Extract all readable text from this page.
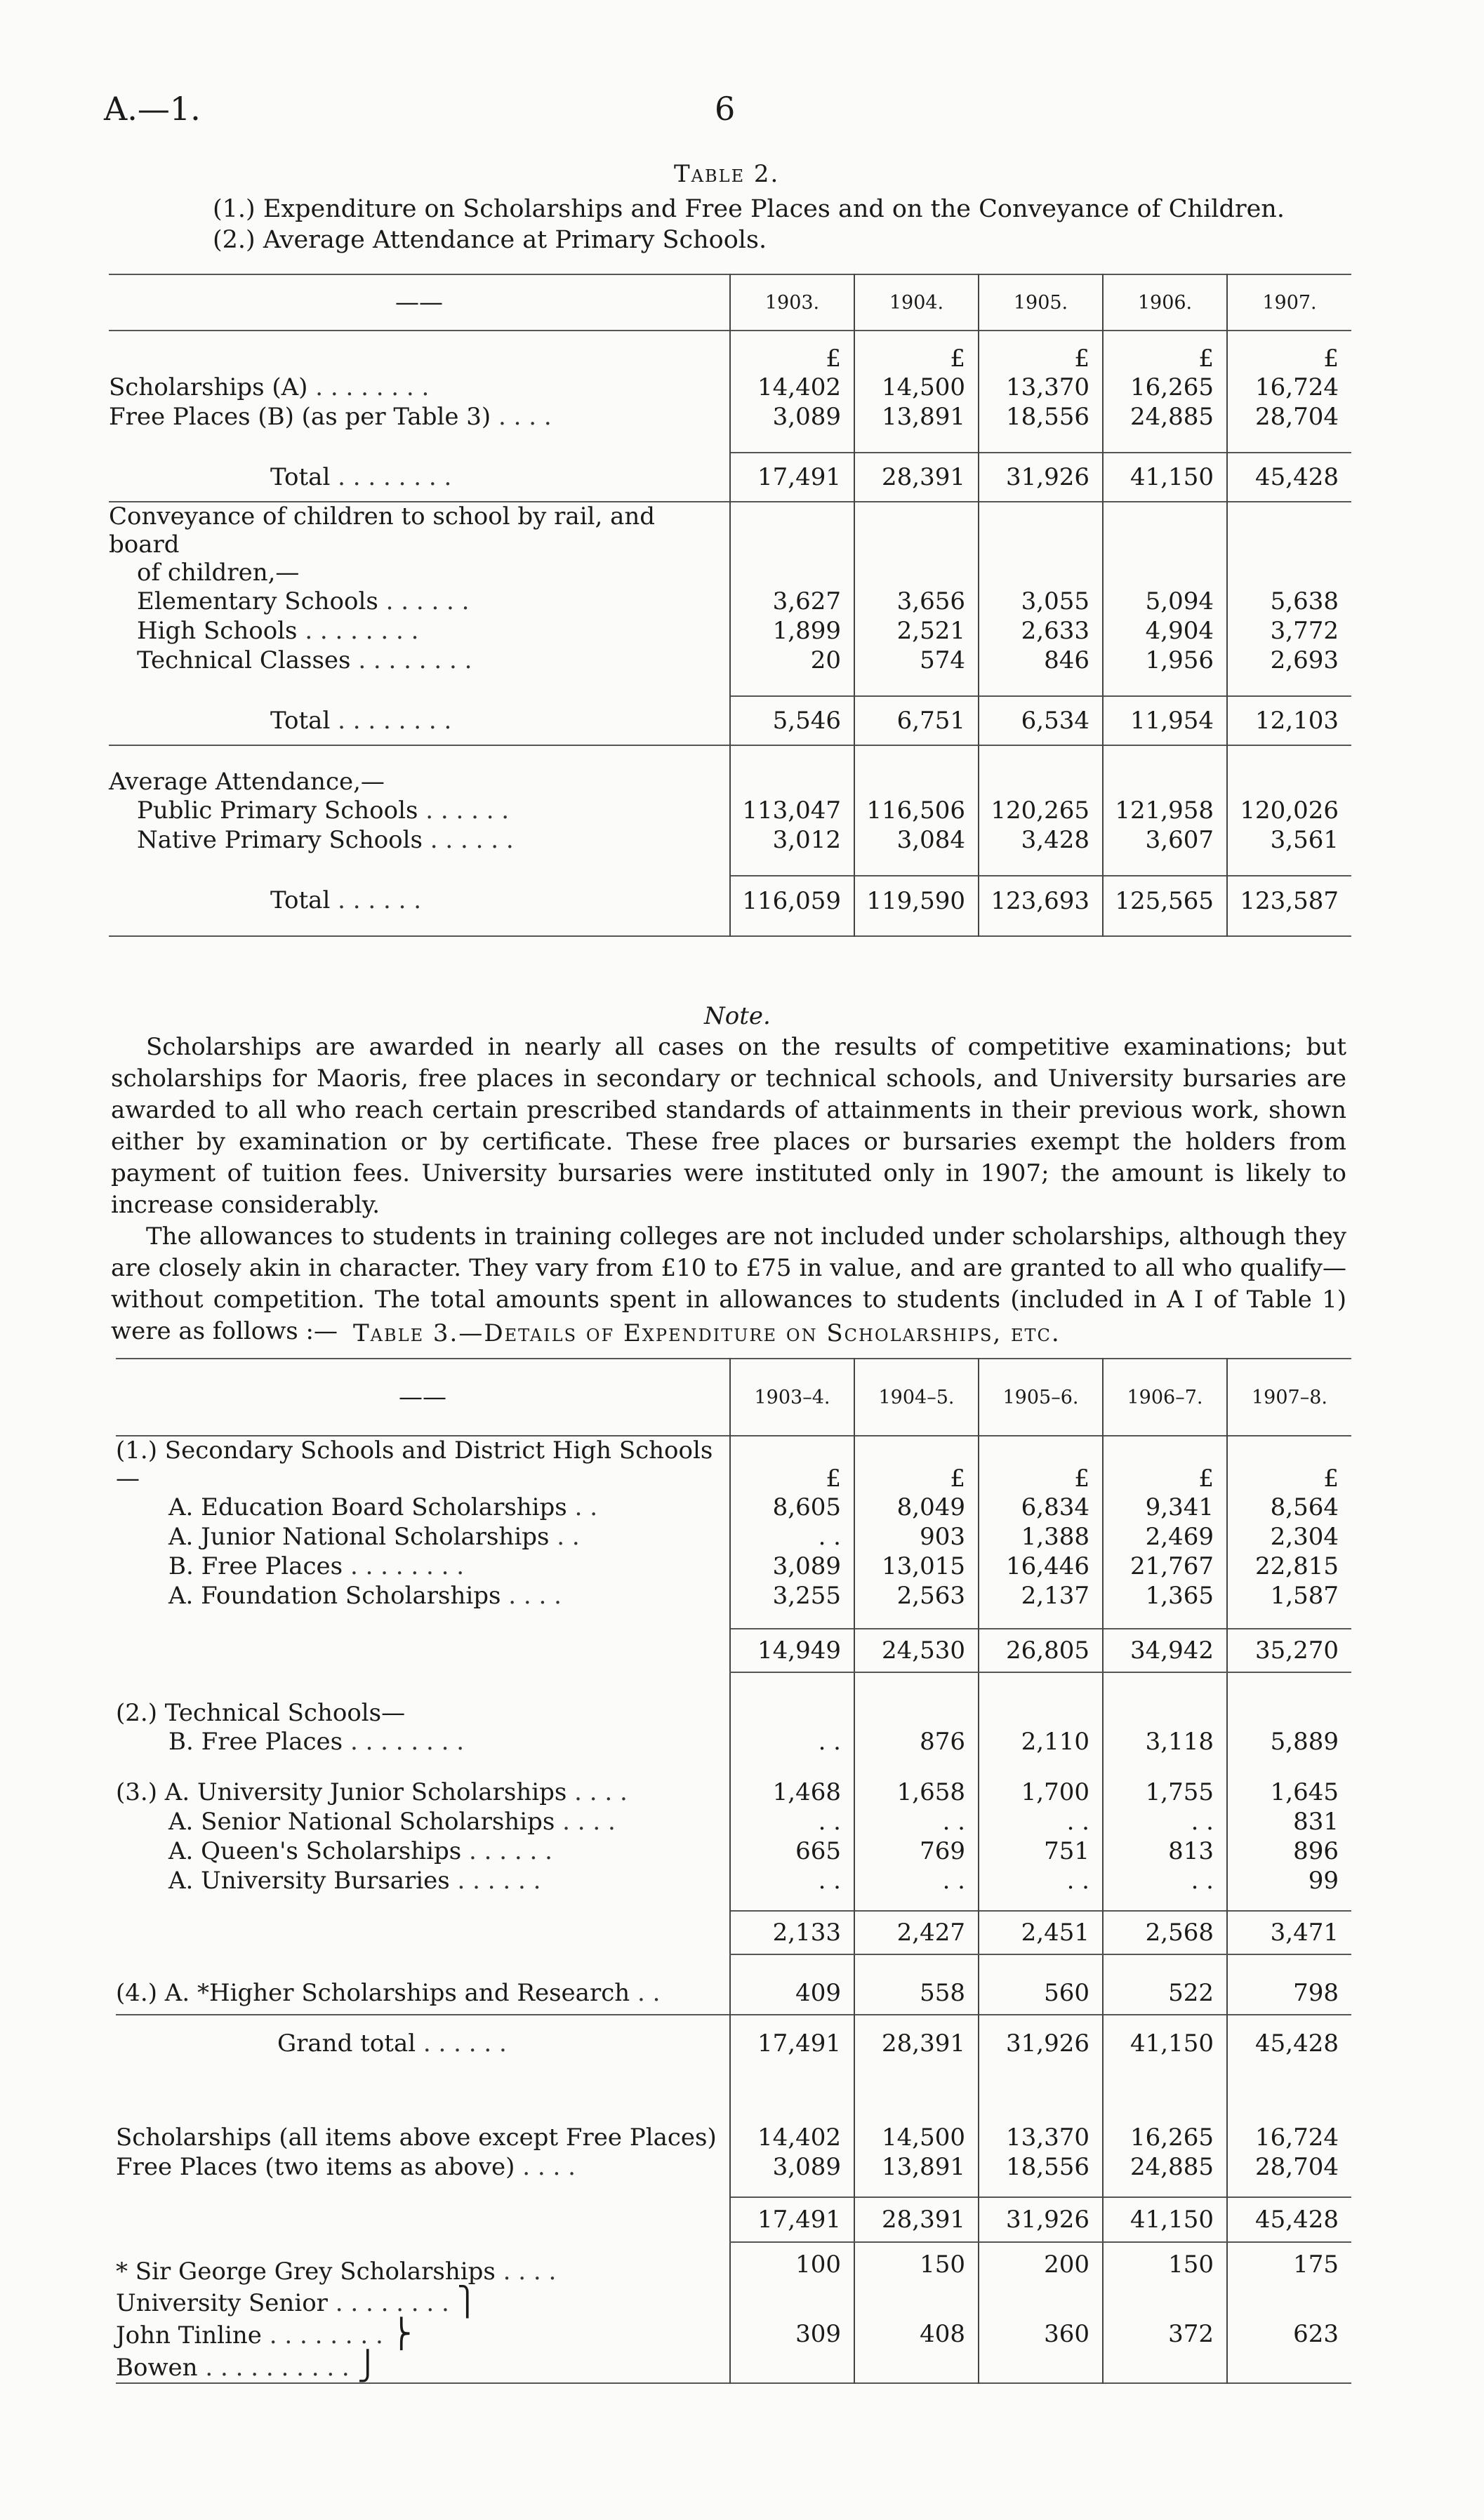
A.—1.	6
Table 2.
(1.) Expenditure on Scholarships and Free Places and on the Conveyance of Children.
(2.) Average Attendance at Primary Schools.
——	1903.	1904.	1905.	1906.	1907.
	£	£	£	£	£
Scholarships (A) . . . . . . . .	14,402	14,500	13,370	16,265	16,724
Free Places (B) (as per Table 3) . . . .	3,089	13,891	18,556	24,885	28,704

Total . . . . . . . .	17,491	28,391	31,926	41,150	45,428
Conveyance of children to school by rail, and board					
of children,—					
Elementary Schools . . . . . .	3,627	3,656	3,055	5,094	5,638
High Schools . . . . . . . .	1,899	2,521	2,633	4,904	3,772
Technical Classes . . . . . . . .	20	574	846	1,956	2,693

Total . . . . . . . .	5,546	6,751	6,534	11,954	12,103
Average Attendance,—					
Public Primary Schools . . . . . .	113,047	116,506	120,265	121,958	120,026
Native Primary Schools . . . . . .	3,012	3,084	3,428	3,607	3,561

Total . . . . . .	116,059	119,590	123,693	125,565	123,587

Note.

Scholarships are awarded in nearly all cases on the results of competitive examinations; but scholarships for Maoris, free places in secondary or technical schools, and University bursaries are awarded to all who reach certain prescribed standards of attainments in their previous work, shown either by examination or by certificate. These free places or bursaries exempt the holders from payment of tuition fees. University bursaries were instituted only in 1907; the amount is likely to increase considerably.

The allowances to students in training colleges are not included under scholarships, although they are closely akin in character. They vary from £10 to £75 in value, and are granted to all who qualify—without competition. The total amounts spent in allowances to students (included in A I of Table 1) were as follows :— Table 3.—Details of Expenditure on Scholarships, etc.
——	1903–4.	1904–5.	1905–6.	1906–7.	1907–8.
(1.) Secondary Schools and District High Schools—	£	£	£	£	£
A. Education Board Scholarships . .	8,605	8,049	6,834	9,341	8,564
A. Junior National Scholarships . .	. .	903	1,388	2,469	2,304
B. Free Places . . . . . . . .	3,089	13,015	16,446	21,767	22,815
A. Foundation Scholarships . . . .	3,255	2,563	2,137	1,365	1,587

	14,949	24,530	26,805	34,942	35,270
(2.) Technical Schools—					
B. Free Places . . . . . . . .	. .	876	2,110	3,118	5,889

(3.) A. University Junior Scholarships . . . .	1,468	1,658	1,700	1,755	1,645
A. Senior National Scholarships . . . .	. .	. .	. .	. .	831
A. Queen's Scholarships . . . . . .	665	769	751	813	896
A. University Bursaries . . . . . .	. .	. .	. .	. .	99

	2,133	2,427	2,451	2,568	3,471

(4.) A. *Higher Scholarships and Research . .	409	558	560	522	798
Grand total . . . . . .	17,491	28,391	31,926	41,150	45,428

Scholarships (all items above except Free Places)	14,402	14,500	13,370	16,265	16,724
Free Places (two items as above) . . . .	3,089	13,891	18,556	24,885	28,704

	17,491	28,391	31,926	41,150	45,428
* Sir George Grey Scholarships . . . .	100	150	200	150	175
University Senior . . . . . . . . ⎫	309	408	360	372	623
John Tinline . . . . . . . . ⎬					
Bowen . . . . . . . . . . ⎭					
